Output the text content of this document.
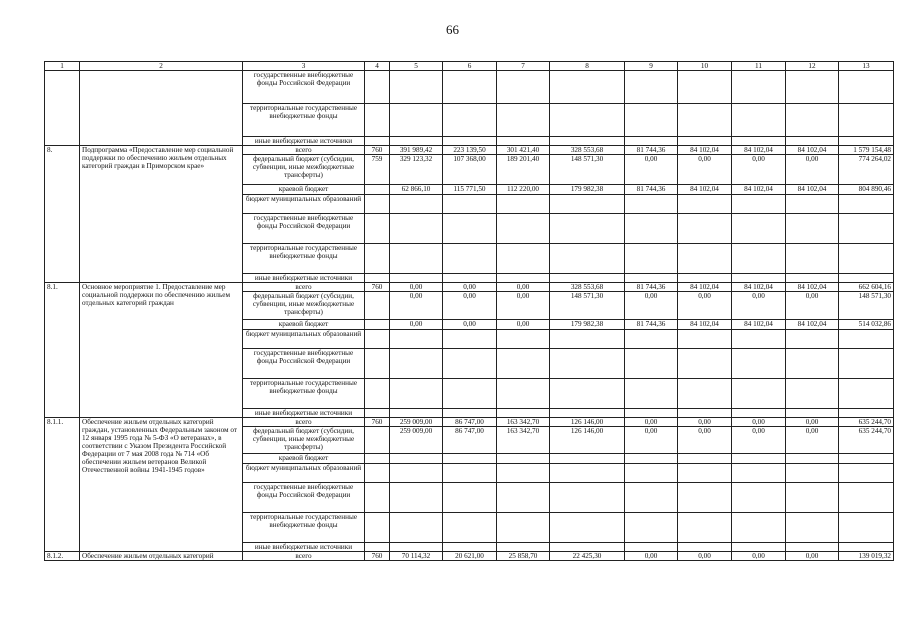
66
1	2	3	4	5	6	7	8	9	10	11	12	13
		государственные внебюджетные фонды Российской Федерации										
		территориальные государственные внебюджетные фонды										
		иные внебюджетные источники										
8.	Подпрограмма «Предоставление мер социальной поддержки по обеспечению жильем отдельных категорий граждан в Приморском крае»	всего	760	391 989,42	223 139,50	301 421,40	328 553,68	81 744,36	84 102,04	84 102,04	84 102,04	1 579 154,48
		федеральный бюджет (субсидии, субвенции, иные межбюджетные трансферты)	759	329 123,32	107 368,00	189 201,40	148 571,30	0,00	0,00	0,00	0,00	774 264,02
		краевой бюджет		62 866,10	115 771,50	112 220,00	179 982,38	81 744,36	84 102,04	84 102,04	84 102,04	804 890,46
		бюджет муниципальных образований										
		государственные внебюджетные фонды Российской Федерации										
		территориальные государственные внебюджетные фонды										
		иные внебюджетные источники										
8.1.	Основное мероприятие 1. Предоставление мер социальной поддержки по обеспечению жильем отдельных категорий граждан	всего	760	0,00	0,00	0,00	328 553,68	81 744,36	84 102,04	84 102,04	84 102,04	662 604,16
		федеральный бюджет (субсидии, субвенции, иные межбюджетные трансферты)		0,00	0,00	0,00	148 571,30	0,00	0,00	0,00	0,00	148 571,30
		краевой бюджет		0,00	0,00	0,00	179 982,38	81 744,36	84 102,04	84 102,04	84 102,04	514 032,86
		бюджет муниципальных образований										
		государственные внебюджетные фонды Российской Федерации										
		территориальные государственные внебюджетные фонды										
		иные внебюджетные источники										
8.1.1.	Обеспечение жильем отдельных категорий граждан, установленных Федеральным законом от 12 января 1995 года № 5-ФЗ «О ветеранах», в соответствии с Указом Президента Российской Федерации от 7 мая 2008 года № 714 «Об обеспечении жильем ветеранов Великой Отечественной войны 1941-1945 годов»	всего	760	259 009,00	86 747,00	163 342,70	126 146,00	0,00	0,00	0,00	0,00	635 244,70
		федеральный бюджет (субсидии, субвенции, иные межбюджетные трансферты)		259 009,00	86 747,00	163 342,70	126 146,00	0,00	0,00	0,00	0,00	635 244,70
		краевой бюджет										
		бюджет муниципальных образований										
		государственные внебюджетные фонды Российской Федерации										
		территориальные государственные внебюджетные фонды										
		иные внебюджетные источники										
8.1.2.	Обеспечение жильем отдельных категорий	всего	760	70 114,32	20 621,00	25 858,70	22 425,30	0,00	0,00	0,00	0,00	139 019,32
